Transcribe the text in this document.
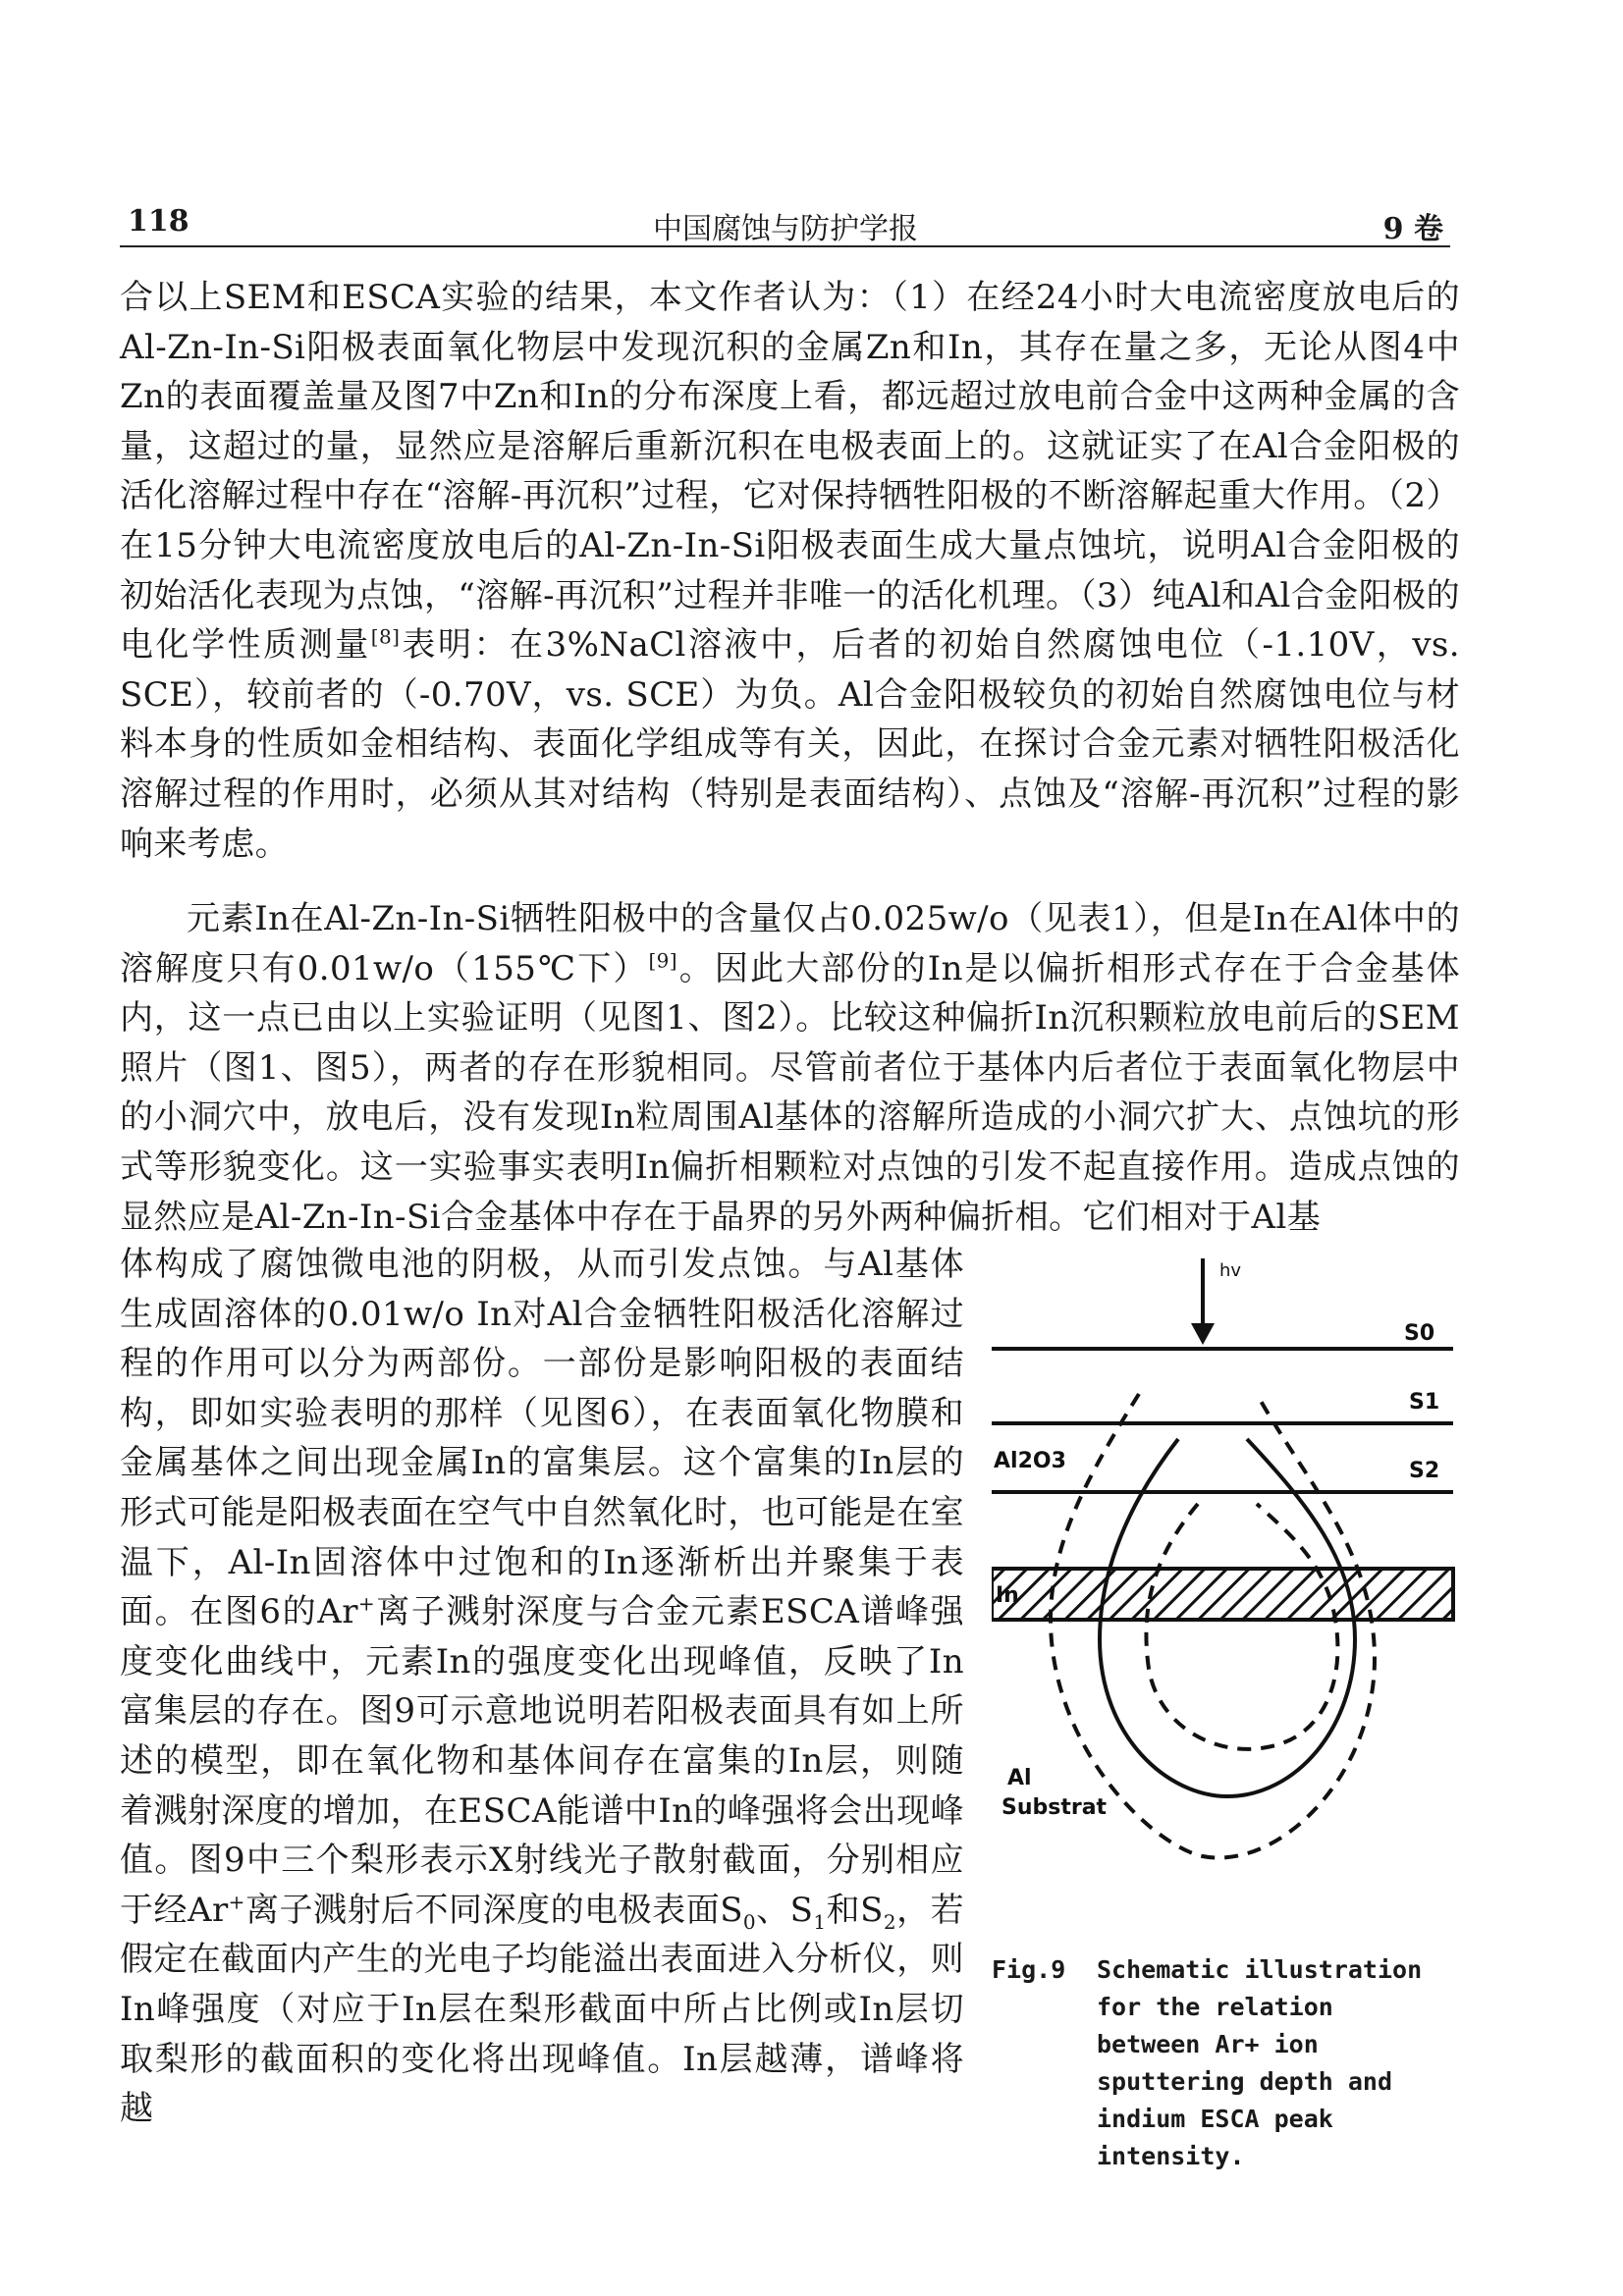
118	中国腐蚀与防护学报	9 卷

合以上SEM和ESCA实验的结果，本文作者认为：（1）在经24小时大电流密度放电后的Al-Zn-In-Si阳极表面氧化物层中发现沉积的金属Zn和In，其存在量之多，无论从图4中Zn的表面覆盖量及图7中Zn和In的分布深度上看，都远超过放电前合金中这两种金属的含量，这超过的量，显然应是溶解后重新沉积在电极表面上的。这就证实了在Al合金阳极的活化溶解过程中存在“溶解-再沉积”过程，它对保持牺牲阳极的不断溶解起重大作用。（2）在15分钟大电流密度放电后的Al-Zn-In-Si阳极表面生成大量点蚀坑，说明Al合金阳极的初始活化表现为点蚀，“溶解-再沉积”过程并非唯一的活化机理。（3）纯Al和Al合金阳极的电化学性质测量[8]表明：在3%NaCl溶液中，后者的初始自然腐蚀电位（-1.10V，vs. SCE），较前者的（-0.70V，vs. SCE）为负。Al合金阳极较负的初始自然腐蚀电位与材料本身的性质如金相结构、表面化学组成等有关，因此，在探讨合金元素对牺牲阳极活化溶解过程的作用时，必须从其对结构（特别是表面结构）、点蚀及“溶解-再沉积”过程的影响来考虑。

元素In在Al-Zn-In-Si牺牲阳极中的含量仅占0.025w/o（见表1），但是In在Al体中的溶解度只有0.01w/o（155℃下）[9]。因此大部份的In是以偏折相形式存在于合金基体内，这一点已由以上实验证明（见图1、图2）。比较这种偏折In沉积颗粒放电前后的SEM照片（图1、图5），两者的存在形貌相同。尽管前者位于基体内后者位于表面氧化物层中的小洞穴中，放电后，没有发现In粒周围Al基体的溶解所造成的小洞穴扩大、点蚀坑的形式等形貌变化。这一实验事实表明In偏折相颗粒对点蚀的引发不起直接作用。造成点蚀的显然应是Al-Zn-In-Si合金基体中存在于晶界的另外两种偏折相。它们相对于Al基

体构成了腐蚀微电池的阴极，从而引发点蚀。与Al基体生成固溶体的0.01w/o In对Al合金牺牲阳极活化溶解过程的作用可以分为两部份。一部份是影响阳极的表面结构，即如实验表明的那样（见图6），在表面氧化物膜和金属基体之间出现金属In的富集层。这个富集的In层的形式可能是阳极表面在空气中自然氧化时，也可能是在室温下，Al-In固溶体中过饱和的In逐渐析出并聚集于表面。在图6的Ar+离子溅射深度与合金元素ESCA谱峰强度变化曲线中，元素In的强度变化出现峰值，反映了In富集层的存在。图9可示意地说明若阳极表面具有如上所述的模型，即在氧化物和基体间存在富集的In层，则随着溅射深度的增加，在ESCA能谱中In的峰强将会出现峰值。图9中三个梨形表示X射线光子散射截面，分别相应于经Ar+离子溅射后不同深度的电极表面$S_0$、$S_1$和$S_2$，若假定在截面内产生的光电子均能溢出表面进入分析仪，则In峰强度（对应于In层在梨形截面中所占比例或In层切取梨形的截面积的变化将出现峰值。In层越薄，谱峰将越

hv
S0
S1
S2
Al2O3
In
Al
Substrat
Fig.9 Schematic illustration for the relation between Ar+ ion sputtering depth and indium ESCA peak intensity.
